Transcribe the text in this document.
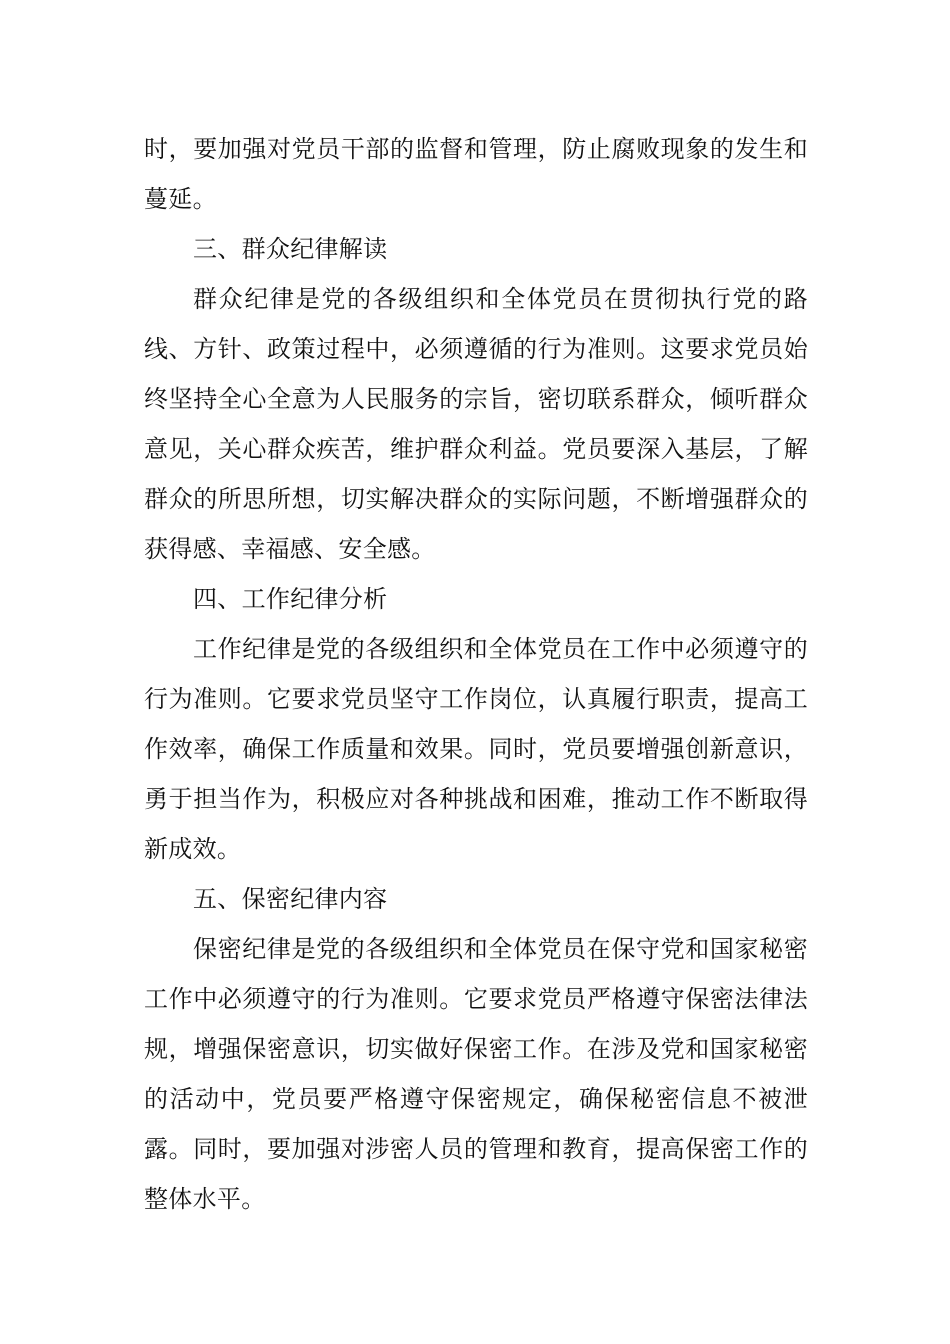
时，要加强对党员干部的监督和管理，防止腐败现象的发生和蔓延。

三、群众纪律解读

群众纪律是党的各级组织和全体党员在贯彻执行党的路线、方针、政策过程中，必须遵循的行为准则。这要求党员始终坚持全心全意为人民服务的宗旨，密切联系群众，倾听群众意见，关心群众疾苦，维护群众利益。党员要深入基层，了解群众的所思所想，切实解决群众的实际问题，不断增强群众的获得感、幸福感、安全感。

四、工作纪律分析

工作纪律是党的各级组织和全体党员在工作中必须遵守的行为准则。它要求党员坚守工作岗位，认真履行职责，提高工作效率，确保工作质量和效果。同时，党员要增强创新意识，勇于担当作为，积极应对各种挑战和困难，推动工作不断取得新成效。

五、保密纪律内容

保密纪律是党的各级组织和全体党员在保守党和国家秘密工作中必须遵守的行为准则。它要求党员严格遵守保密法律法规，增强保密意识，切实做好保密工作。在涉及党和国家秘密的活动中，党员要严格遵守保密规定，确保秘密信息不被泄露。同时，要加强对涉密人员的管理和教育，提高保密工作的整体水平。
